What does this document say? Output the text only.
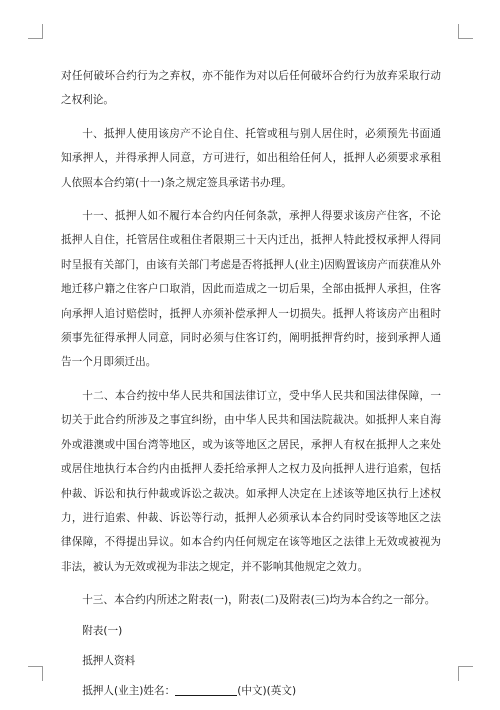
对任何破坏合约行为之弃权，亦不能作为对以后任何破坏合约行为放弃采取行动之权利论。

十、抵押人使用该房产不论自住、托管或租与别人居住时，必须预先书面通知承押人，并得承押人同意，方可进行，如出租给任何人，抵押人必须要求承租人依照本合约第(十一)条之规定签具承诺书办理。

十一、抵押人如不履行本合约内任何条款，承押人得要求该房产住客，不论抵押人自住，托管居住或租住者限期三十天内迁出，抵押人特此授权承押人得同时呈报有关部门，由该有关部门考虑是否将抵押人(业主)因购置该房产而获准从外地迁移户籍之住客户口取消，因此而造成之一切后果，全部由抵押人承担，住客向承押人追讨赔偿时，抵押人亦须补偿承押人一切损失。抵押人将该房产出租时须事先征得承押人同意，同时必须与住客订约，阐明抵押背约时，接到承押人通告一个月即须迁出。

十二、本合约按中华人民共和国法律订立，受中华人民共和国法律保障，一切关于此合约所涉及之事宜纠纷，由中华人民共和国法院裁决。如抵押人来自海外或港澳或中国台湾等地区，或为该等地区之居民，承押人有权在抵押人之来处或居住地执行本合约内由抵押人委托给承押人之权力及向抵押人进行追索，包括仲裁、诉讼和执行仲裁或诉讼之裁决。如承押人决定在上述该等地区执行上述权力，进行追索、仲裁、诉讼等行动，抵押人必须承认本合约同时受该等地区之法律保障，不得提出异议。如本合约内任何规定在该等地区之法律上无效或被视为非法，被认为无效或视为非法之规定，并不影响其他规定之效力。

十三、本合约内所述之附表(一)，附表(二)及附表(三)均为本合约之一部分。

附表(一)

抵押人资料

抵押人(业主)姓名：	(中文)(英文)
